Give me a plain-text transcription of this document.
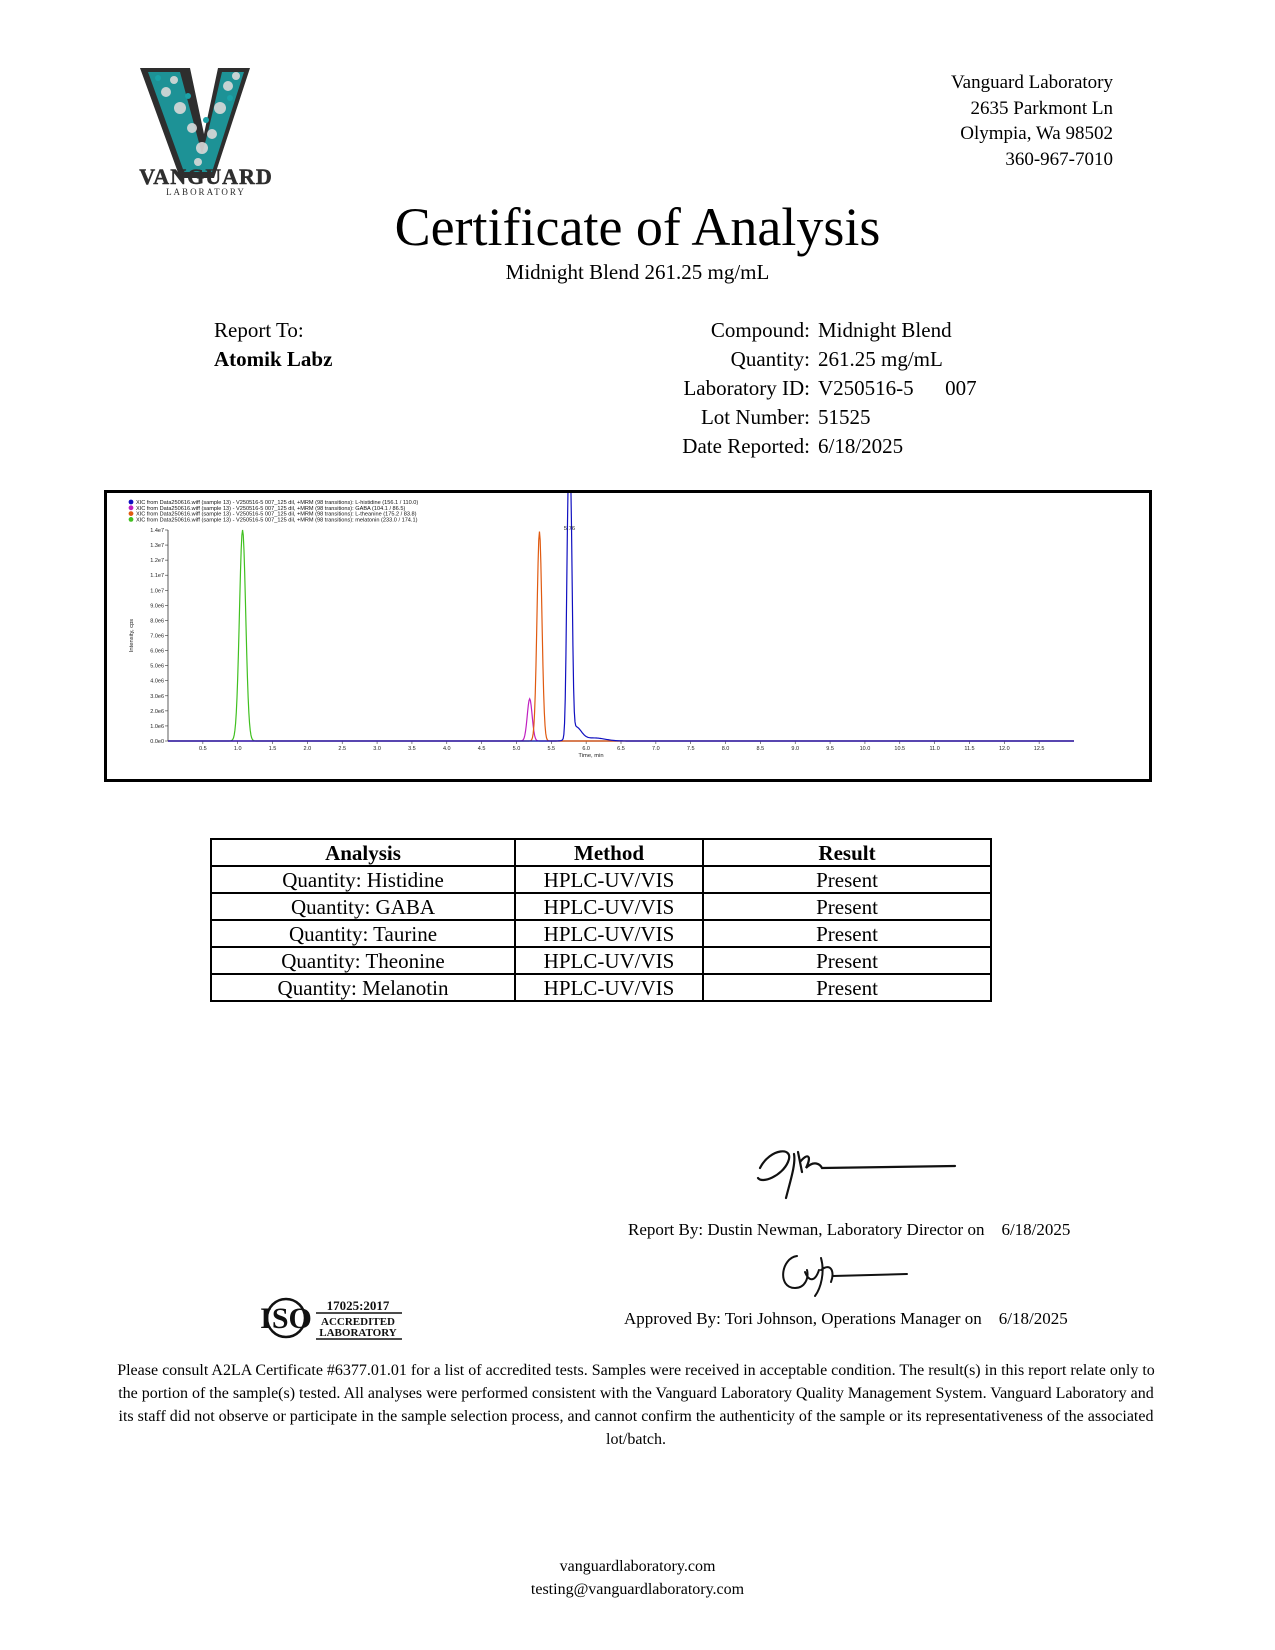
VANGUARD
LABORATORY
Vanguard Laboratory
2635 Parkmont Ln
Olympia, Wa 98502
360-967-7010
Certificate of Analysis
Midnight Blend 261.25 mg/mL
Report To:
Atomik Labz
Compound: Midnight Blend
Quantity: 261.25 mg/mL
Laboratory ID: V250516-5      007
Lot Number: 51525
Date Reported: 6/18/2025
XIC from Data250616.wiff (sample 13) - V250516-5 007_125 dil, +MRM (98 transitions): L-histidine (156.1 / 110.0)
XIC from Data250616.wiff (sample 13) - V250516-5 007_125 dil, +MRM (98 transitions): GABA (104.1 / 86.5)
XIC from Data250616.wiff (sample 13) - V250516-5 007_125 dil, +MRM (98 transitions): L-theanine (175.2 / 83.8)
XIC from Data250616.wiff (sample 13) - V250516-5 007_125 dil, +MRM (98 transitions): melatonin (233.0 / 174.1)
0.0e0
1.0e6
2.0e6
3.0e6
4.0e6
5.0e6
6.0e6
7.0e6
8.0e6
9.0e6
1.0e7
1.1e7
1.2e7
1.3e7
1.4e7
0.5	1.0	1.5	2.0	2.5	3.0	3.5	4.0	4.5	5.0	5.5	6.0	6.5	7.0	7.5	8.0	8.5	9.0	9.5	10.0	10.5	11.0	11.5	12.0	12.5
Time, min
Intensity, cps
5.76
Analysis	Method	Result
Quantity: Histidine	HPLC-UV/VIS	Present
Quantity: GABA	HPLC-UV/VIS	Present
Quantity: Taurine	HPLC-UV/VIS	Present
Quantity: Theonine	HPLC-UV/VIS	Present
Quantity: Melanotin	HPLC-UV/VIS	Present
Report By: Dustin Newman, Laboratory Director on    6/18/2025
Approved By: Tori Johnson, Operations Manager on    6/18/2025
ISO 17025:2017
ACCREDITED
LABORATORY
Please consult A2LA Certificate #6377.01.01 for a list of accredited tests. Samples were received in acceptable condition. The result(s) in this report relate only to the portion of the sample(s) tested. All analyses were performed consistent with the Vanguard Laboratory Quality Management System. Vanguard Laboratory and its staff did not observe or participate in the sample selection process, and cannot confirm the authenticity of the sample or its representativeness of the associated lot/batch.
vanguardlaboratory.com
testing@vanguardlaboratory.com
